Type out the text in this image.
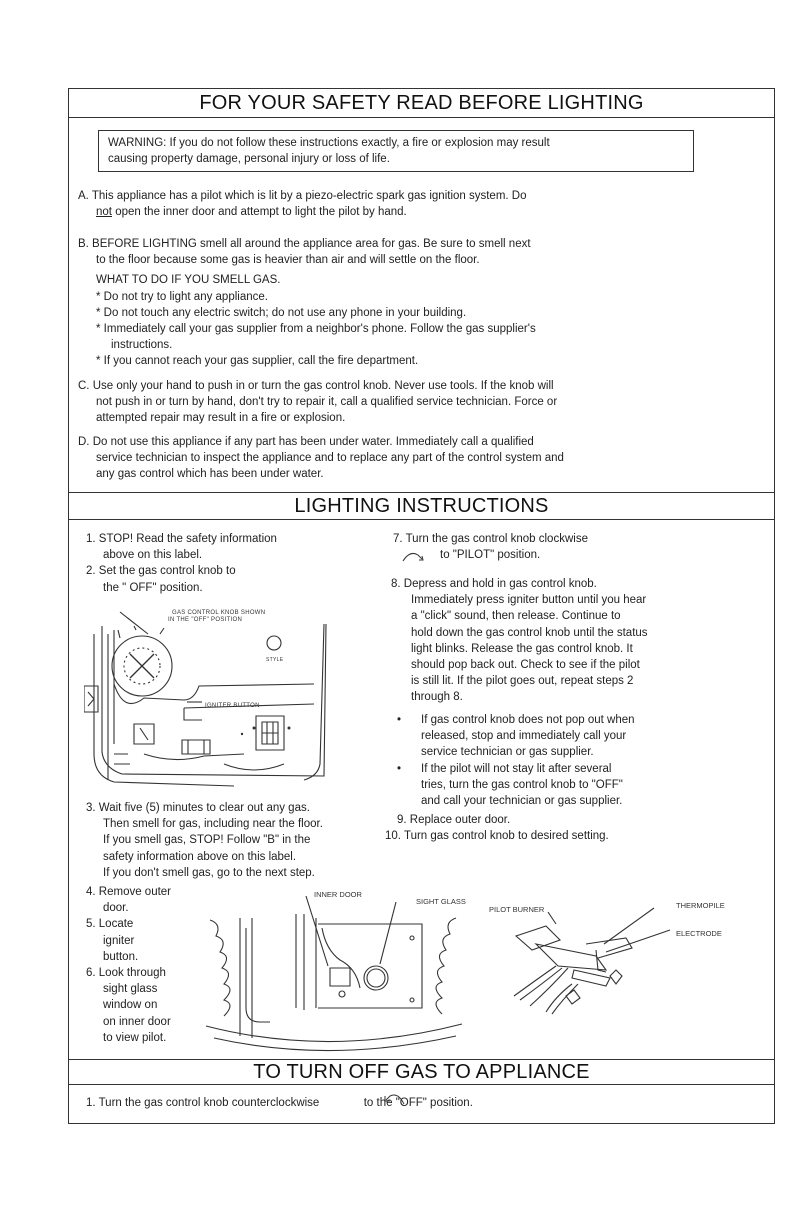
FOR YOUR SAFETY READ BEFORE LIGHTING
WARNING: If you do not follow these instructions exactly, a fire or explosion may result
causing property damage, personal injury or loss of life.
A. This appliance has a pilot which is lit by a piezo-electric spark gas ignition system. Do
not open the inner door and attempt to light the pilot by hand.
B. BEFORE LIGHTING smell all around the appliance area for gas. Be sure to smell next
to the floor because some gas is heavier than air and will settle on the floor.
WHAT TO DO IF YOU SMELL GAS.
* Do not try to light any appliance.
* Do not touch any electric switch; do not use any phone in your building.
* Immediately call your gas supplier from a neighbor's phone. Follow the gas supplier's
instructions.
* If you cannot reach your gas supplier, call the fire department.
C. Use only your hand to push in or turn the gas control knob. Never use tools. If the knob will
not push in or turn by hand, don't try to repair it, call a qualified service technician. Force or
attempted repair may result in a fire or explosion.
D. Do not use this appliance if any part has been under water. Immediately call a qualified
service technician to inspect the appliance and to replace any part of the control system and
any gas control which has been under water.
LIGHTING INSTRUCTIONS
1. STOP! Read the safety information
above on this label.
2. Set the gas control knob to
the " OFF" position.
GAS CONTROL KNOB SHOWN
IN THE "OFF" POSITION
IGNITER BUTTON
STYLE
3. Wait five (5) minutes to clear out any gas.
Then smell for gas, including near the floor.
If you smell gas, STOP! Follow "B" in the
safety information above on this label.
If you don't smell gas, go to the next step.
4. Remove outer
door.
5. Locate
igniter
button.
6. Look through
sight glass
window on
on inner door
to view pilot.
INNER DOOR
SIGHT GLASS
PILOT BURNER	THERMOPILE
ELECTRODE
7. Turn the gas control knob clockwise
to "PILOT" position.
8. Depress and hold in gas control knob.
Immediately press igniter button until you hear
a "click" sound, then release. Continue to
hold down the gas control knob until the status
light blinks. Release the gas control knob. It
should pop back out. Check to see if the pilot
is still lit. If the pilot goes out, repeat steps 2
through 8.
• If gas control knob does not pop out when
released, stop and immediately call your
service technician or gas supplier.
• If the pilot will not stay lit after several
tries, turn the gas control knob to "OFF"
and call your technician or gas supplier.
9. Replace outer door.
10. Turn gas control knob to desired setting.
TO TURN OFF GAS TO APPLIANCE
1. Turn the gas control knob counterclockwise	to the "OFF" position.
